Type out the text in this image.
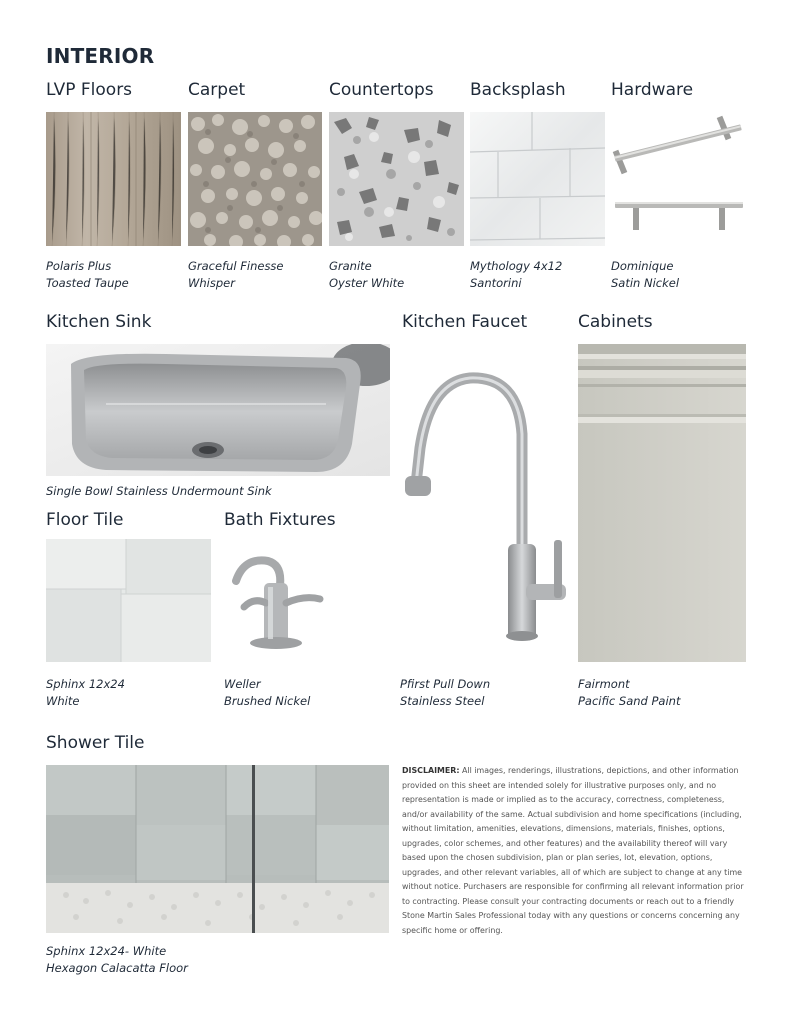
INTERIOR
LVP Floors	Carpet	Countertops Backsplash	Hardware
Polaris Plus
Toasted Taupe
Graceful Finesse
Whisper
Granite
Oyster White
Mythology 4x12
Santorini
Dominique
Satin Nickel
Kitchen Sink	Kitchen Faucet	Cabinets
Single Bowl Stainless Undermount Sink
Pfirst Pull Down
Stainless Steel
Fairmont
Pacific Sand Paint
Floor Tile	Bath Fixtures
Sphinx 12x24
White
Weller
Brushed Nickel
Shower Tile
Sphinx 12x24- White
Hexagon Calacatta Floor
DISCLAIMER: All images, renderings, illustrations, depictions, and other information provided on this sheet are intended solely for illustrative purposes only, and no representation is made or implied as to the accuracy, correctness, completeness, and/or availability of the same. Actual subdivision and home specifications (including, without limitation, amenities, elevations, dimensions, materials, finishes, options, upgrades, color schemes, and other features) and the availability thereof will vary based upon the chosen subdivision, plan or plan series, lot, elevation, options, upgrades, and other relevant variables, all of which are subject to change at any time without notice. Purchasers are responsible for confirming all relevant information prior to contracting. Please consult your contracting documents or reach out to a friendly Stone Martin Sales Professional today with any questions or concerns concerning any specific home or offering.
